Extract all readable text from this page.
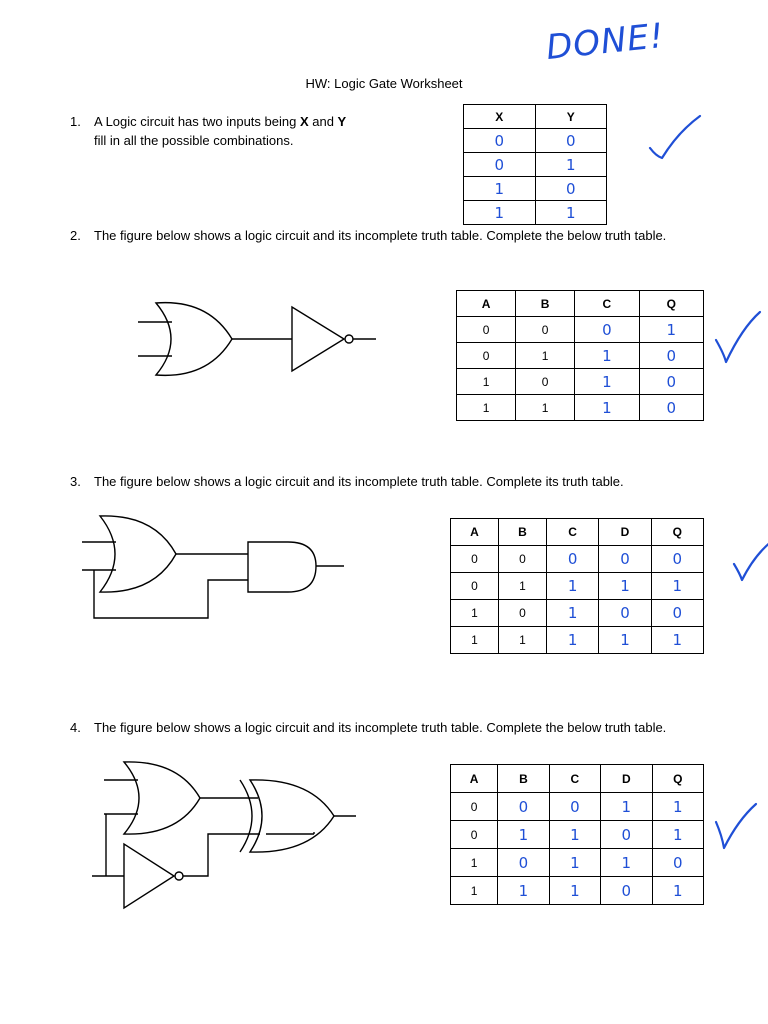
DONE!
HW: Logic Gate Worksheet
1. A Logic circuit has two inputs being X and Y
fill in all the possible combinations.
X	Y
0	0
0	1
1	0
1	1
2. The figure below shows a logic circuit and its incomplete truth table. Complete the below truth table.
A	B	C	Q
0	0	0	1
0	1	1	0
1	0	1	0
1	1	1	0
3. The figure below shows a logic circuit and its incomplete truth table. Complete its truth table.
A	B	C	D	Q
0	0	0	0	0
0	1	1	1	1
1	0	1	0	0
1	1	1	1	1
4. The figure below shows a logic circuit and its incomplete truth table. Complete the below truth table.
A	B	C	D	Q
0	0	0	1	1
0	1	1	0	1
1	0	1	1	0
1	1	1	0	1
